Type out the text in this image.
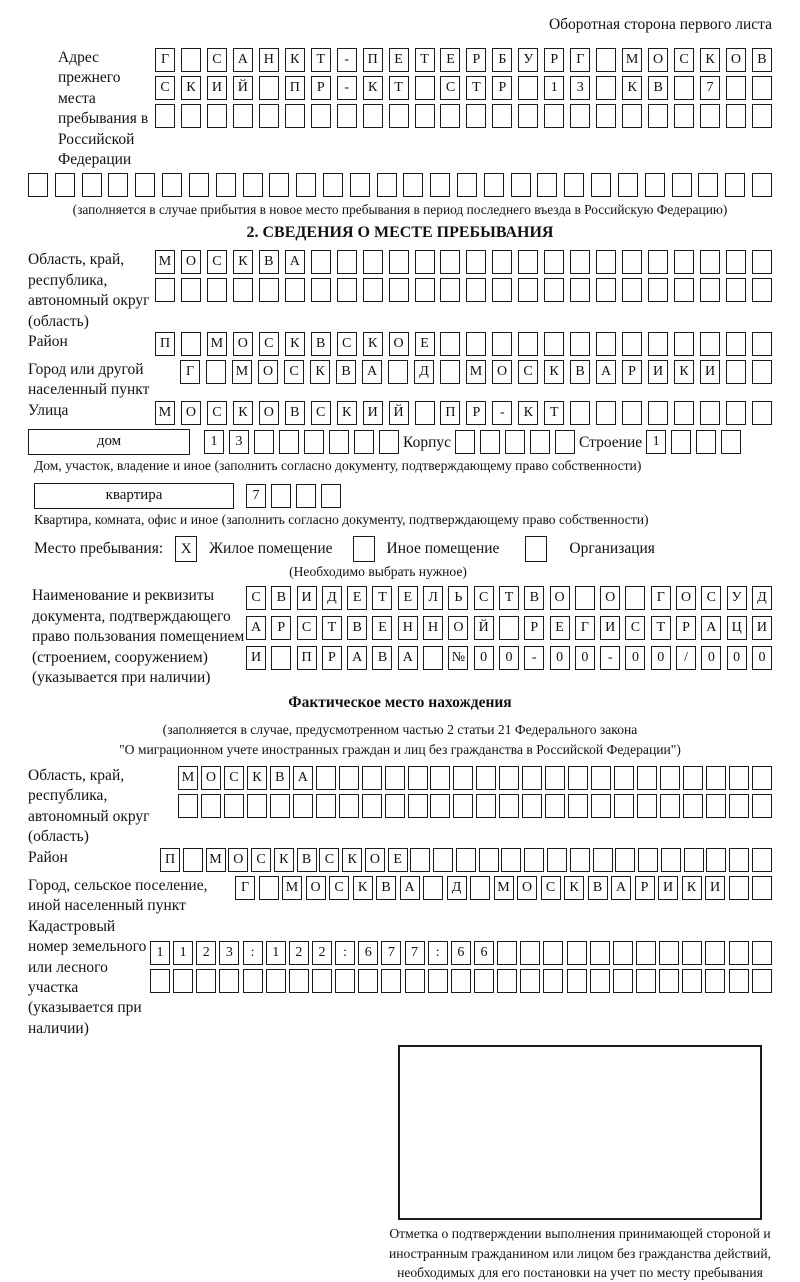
Оборотная сторона первого листа
Адрес прежнего места пребывания в Российской Федерации
Г	С	А	Н	К	Т	-	П	Е	Т	Е	Р	Б	У	Р	Г	М	О	С	К	О	В
С	К	И	Й	П	Р	-	К	Т	С	Т	Р	1	3	К	В	7
(заполняется в случае прибытия в новое место пребывания в период последнего въезда в Российскую Федерацию)
2. СВЕДЕНИЯ О МЕСТЕ ПРЕБЫВАНИЯ
Область, край, республика, автономный округ (область)
М	О	С	К	В	А
Район	П	М	О	С	К	В	С	К	О	Е
Город или другой населенный пункт
Г	М	О	С	К	В	А	Д	М	О	С	К	В	А	Р	И	К	И
Улица	М	О	С	К	О	В	С	К	И	Й	П	Р	-	К	Т
дом	1	3	Корпус	Строение 1
Дом, участок, владение и иное (заполнить согласно документу, подтверждающему право собственности)
квартира	7
Квартира, комната, офис и иное (заполнить согласно документу, подтверждающему право собственности)
Место пребывания:	X	Жилое помещение	Иное помещение	Организация
(Необходимо выбрать нужное)
Наименование и реквизиты документа, подтверждающего право пользования помещением (строением, сооружением) (указывается при наличии)
С	В	И	Д	Е	Т	Е	Л	Ь	С	Т	В	О	О	Г	О	С	У	Д
А	Р	С	Т	В	Е	Н	Н	О	Й	Р	Е	Г	И	С	Т	Р	А	Ц	И
И	П	Р	А	В	А	№	0	0	-	0	0	-	0	0	/	0	0	0
Фактическое место нахождения
(заполняется в случае, предусмотренном частью 2 статьи 21 Федерального закона
"О миграционном учете иностранных граждан и лиц без гражданства в Российской Федерации")
Область, край, республика, автономный округ (область)
М О С К В А
Район	П	М О С К В С К О Е
Город, сельское поселение, иной населенный пункт
Г	М О С	К	В А	Д	М О С	К	В А	Р	И К И
Кадастровый номер земельного или лесного участка (указывается при наличии)
1	1	2	3	:	1	2	2	:	6	7	7	:	6	6
Отметка о подтверждении выполнения принимающей стороной и иностранным гражданином или лицом без гражданства действий, необходимых для его постановки на учет по месту пребывания
